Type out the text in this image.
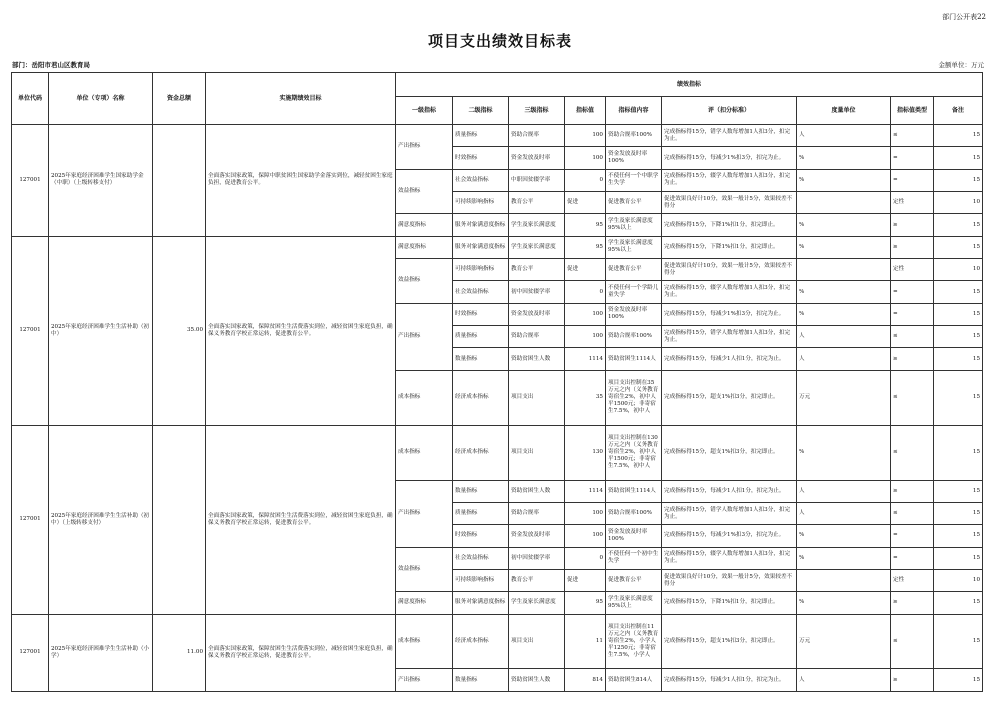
部门公开表22
项目支出绩效目标表
部门：岳阳市君山区教育局	金额单位：万元
单位代码	单位（专项）名称	资金总额	实施期绩效目标	绩效指标								
				一级指标	二级指标	三级指标	指标值	指标值内容	评（扣分标准）	度量单位	指标值类型	备注
127001	2025年家庭经济困难学生国家助学金（中职）（上级转移支付）		全面落实国家政策，保障中职贫困生国家助学金落实到位，减轻贫困生家庭负担，促进教育公平。	产出指标	质量指标	资助合规率	100	资助合规率100%	完成指标得15分，错学人数每增加1人扣3分，扣完为止。	人	≤	15
					时效指标	资金发放及时率	100	资金发放及时率100%	完成指标得15分，每减少1%扣3分，扣完为止。	%	=	15
				效益指标	社会效益指标	中职因贫辍学率	0	不使任何一个中职学生失学	完成指标得15分，辍学人数每增加1人扣3分，扣完为止。	%	=	15
					可持续影响指标	教育公平	促进	促进教育公平	促进效果良好计10分，效果一般计5分，效果较差不得分		定性	10
				满意度指标	服务对象满意度指标	学生及家长满意度	95	学生及家长满意度95%以上	完成指标得15分，下降1%扣1分，扣完即止。	%	≥	15
127001	2025年家庭经济困难学生生活补助（初中）	35.00	全面落实国家政策，保障贫困生生活费落实到位，减轻贫困生家庭负担，确保义务教育学校正常运转，促进教育公平。	满意度指标	服务对象满意度指标	学生及家长满意度	95	学生及家长满意度95%以上	完成指标得15分，下降1%扣1分，扣完即止。	%	≥	15
				效益指标	可持续影响指标	教育公平	促进	促进教育公平	促进效果良好计10分，效果一般计5分，效果较差不得分		定性	10
					社会效益指标	初中因贫辍学率	0	不使任何一个学龄儿童失学	完成指标得15分，辍学人数每增加1人扣3分，扣完为止。	%	=	15
				产出指标	时效指标	资金发放及时率	100	资金发放及时率100%	完成指标得15分，每减少1%扣3分，扣完为止。	%	=	15
					质量指标	资助合规率	100	资助合规率100%	完成指标得15分，错学人数每增加1人扣3分，扣完为止。	人	≤	15
					数量指标	资助贫困生人数	1114	资助贫困生1114人	完成指标得15分，每减少1人扣1分，扣完为止。	人	≥	15
				成本指标	经济成本指标	项目支出	35	项目支出控制在35万元之内（义务教育寄宿生2%，初中人平1500元；非寄宿生7.5%，初中人	完成指标得15分，超支1%扣3分，扣完即止。	万元	≤	15
127001	2025年家庭经济困难学生生活补助（初中）（上级转移支付）		全面落实国家政策，保障贫困生生活费落实到位，减轻贫困生家庭负担，确保义务教育学校正常运转，促进教育公平。	成本指标	经济成本指标	项目支出	130	项目支出控制在130万元之内（义务教育寄宿生2%，初中人平1500元；非寄宿生7.5%，初中人	完成指标得15分，超支1%扣3分，扣完即止。	%	≤	15
				产出指标	数量指标	资助贫困生人数	1114	资助贫困生1114人	完成指标得15分，每减少1人扣1分，扣完为止。	人	≥	15
					质量指标	资助合规率	100	资助合规率100%	完成指标得15分，错学人数每增加1人扣3分，扣完为止。	人	≤	15
					时效指标	资金发放及时率	100	资金发放及时率100%	完成指标得15分，每减少1%扣3分，扣完为止。	%	=	15
				效益指标	社会效益指标	初中因贫辍学率	0	不使任何一个初中生失学	完成指标得15分，辍学人数每增加1人扣3分，扣完为止。	%	=	15
					可持续影响指标	教育公平	促进	促进教育公平	促进效果良好计10分，效果一般计5分，效果较差不得分		定性	10
				满意度指标	服务对象满意度指标	学生及家长满意度	95	学生及家长满意度95%以上	完成指标得15分，下降1%扣1分，扣完即止。	%	≥	15
127001	2025年家庭经济困难学生生活补助（小学）	11.00	全面落实国家政策，保障贫困生生活费落实到位，减轻贫困生家庭负担，确保义务教育学校正常运转，促进教育公平。	成本指标	经济成本指标	项目支出	11	项目支出控制在11万元之内（义务教育寄宿生2%，小学人平1250元；非寄宿生7.5%，小学人	完成指标得15分，超支1%扣3分，扣完即止。	万元	≤	15
				产出指标	数量指标	资助贫困生人数	814	资助贫困生814人	完成指标得15分，每减少1人扣1分，扣完为止。	人	≥	15
